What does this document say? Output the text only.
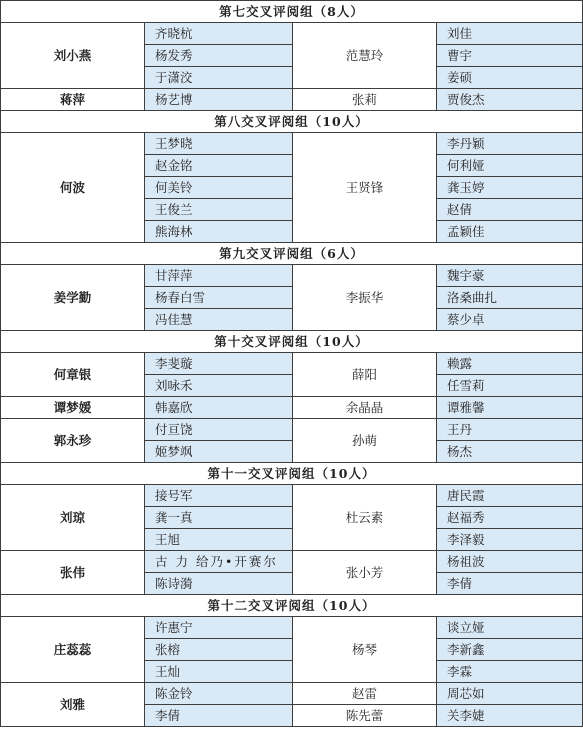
第七交叉评阅组（8人）			
刘小燕	齐晓杭	范慧玲	刘佳
	杨发秀		曹宇
	于潇洨		姜硕
蒋萍	杨艺博	张莉	贾俊杰
第八交叉评阅组（10人）			
何波	王梦晓	王贤锋	李丹颖
	赵金铭		何利娅
	何美铃		龚玉婷
	王俊兰		赵倩
	熊海林		孟颖佳
第九交叉评阅组（6人）			
姜学勤	甘萍萍	李振华	魏宇豪
	杨春白雪		洛桑曲扎
	冯佳慧		蔡少卓
第十交叉评阅组（10人）			
何章银	李斐璇	薛阳	赖露
	刘咏禾		任雪莉
谭梦媛	韩嘉欣	余晶晶	谭雅馨
郭永珍	付亘饶	孙萌	王丹
	姬梦飒		杨杰
第十一交叉评阅组（10人）			
刘琼	接号军	杜云素	唐民霞
	龚一真		赵福秀
	王旭		李泽毅
张伟	古 力 给乃•开赛尔	张小芳	杨祖波
	陈诗漪		李倩
第十二交叉评阅组（10人）			
庄蕊蕊	许惠宁	杨琴	谈立娅
	张榕		李新鑫
	王灿		李霖
刘雅	陈金铃	赵雷	周芯如
	李倩	陈先蕾	关李婕
